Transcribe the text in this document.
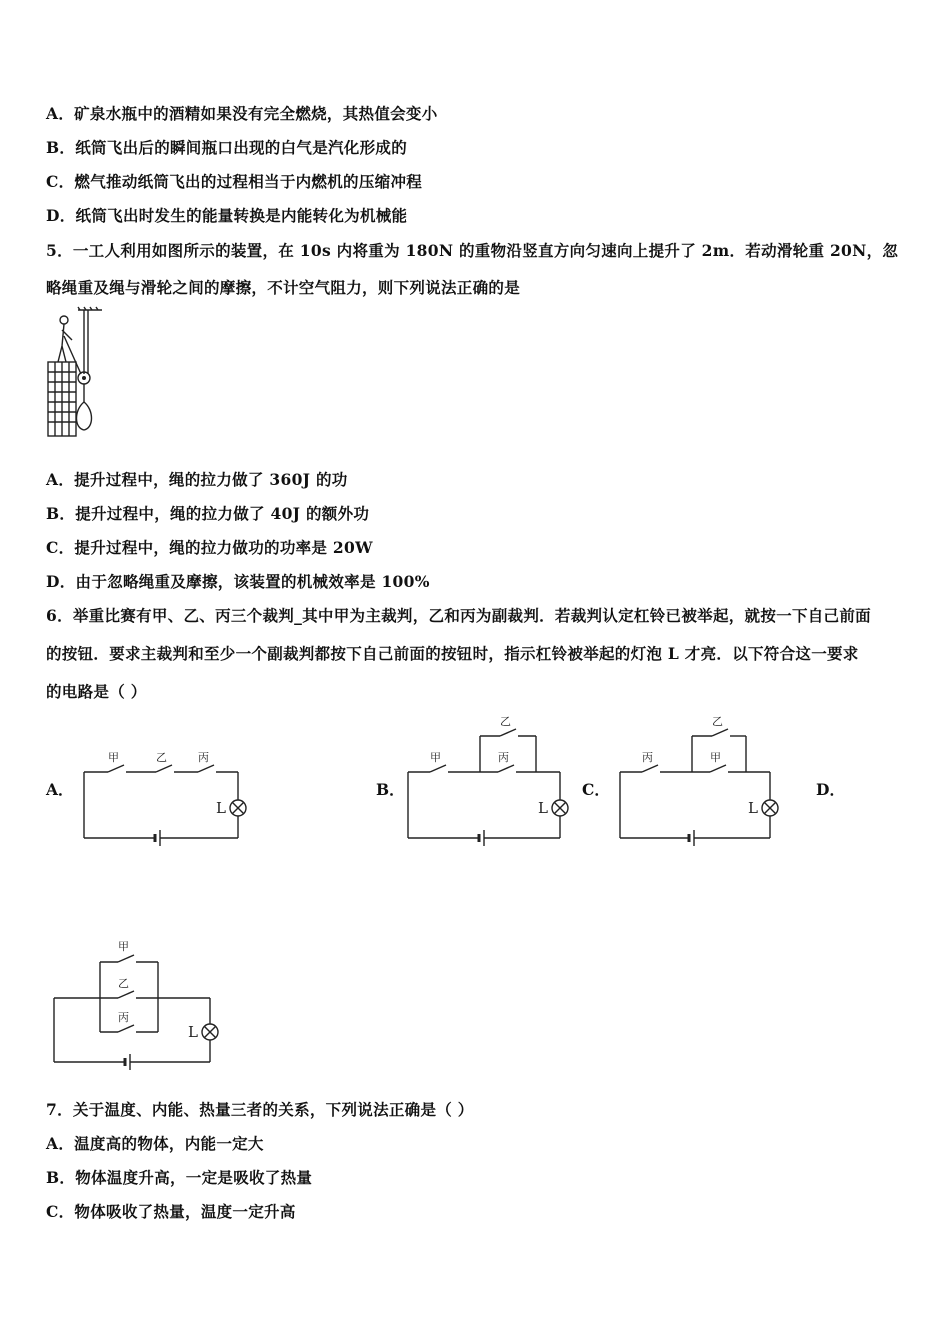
A．矿泉水瓶中的酒精如果没有完全燃烧，其热值会变小
B．纸筒飞出后的瞬间瓶口出现的白气是汽化形成的
C．燃气推动纸筒飞出的过程相当于内燃机的压缩冲程
D．纸筒飞出时发生的能量转换是内能转化为机械能
5．一工人利用如图所示的装置，在 10s 内将重为 180N 的重物沿竖直方向匀速向上提升了 2m．若动滑轮重 20N，忽
略绳重及绳与滑轮之间的摩擦，不计空气阻力，则下列说法正确的是
A．提升过程中，绳的拉力做了 360J 的功
B．提升过程中，绳的拉力做了 40J 的额外功
C．提升过程中，绳的拉力做功的功率是 20W
D．由于忽略绳重及摩擦，该装置的机械效率是 100%
6．举重比赛有甲、乙、丙三个裁判_其中甲为主裁判，乙和丙为副裁判．若裁判认定杠铃已被举起，就按一下自己前面
的按钮．要求主裁判和至少一个副裁判都按下自己前面的按钮时，指示杠铃被举起的灯泡 L 才亮．以下符合这一要求
的电路是（ ）
A．	B．	C．	D．
甲	乙	丙
L
甲
乙
丙
L
丙
乙
甲
L
甲
乙
丙
L
7．关于温度、内能、热量三者的关系，下列说法正确是（ ）
A．温度高的物体，内能一定大
B．物体温度升高，一定是吸收了热量
C．物体吸收了热量，温度一定升高
